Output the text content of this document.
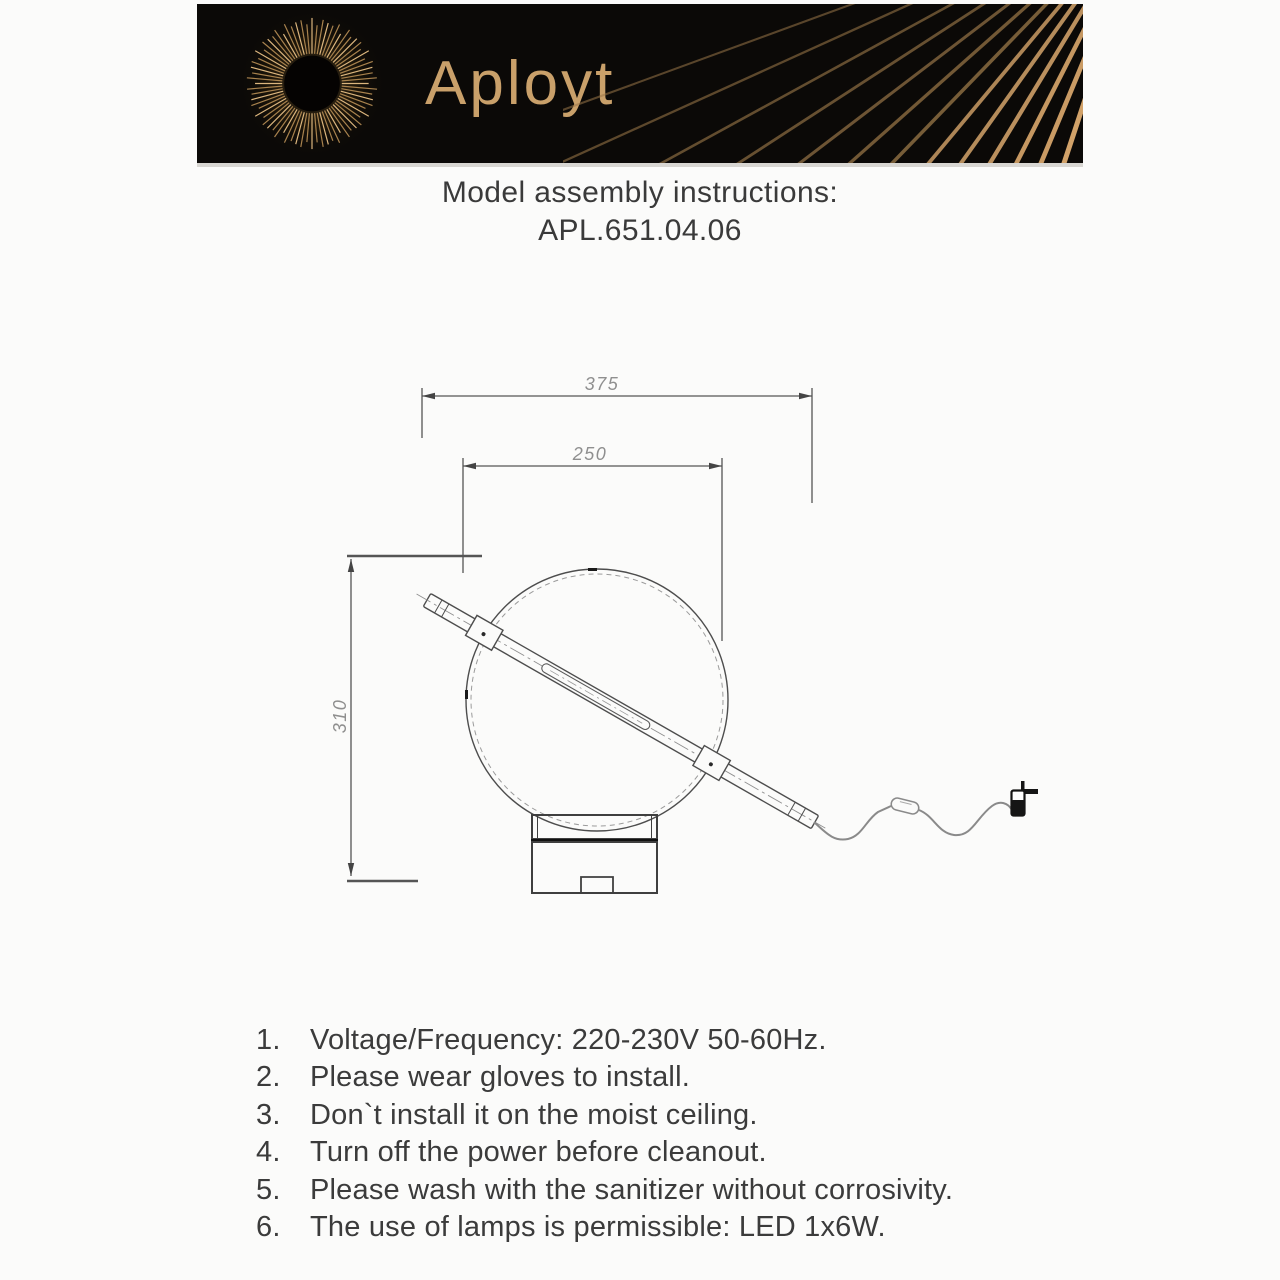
Aployt
Model assembly instructions:
APL.651.04.06
375
250
310
1.	Voltage/Frequency: 220-230V 50-60Hz.
2.	Please wear gloves to install.
3.	Don`t install it on the moist ceiling.
4.	Turn off the power before cleanout.
5.	Please wash with the sanitizer without corrosivity.
6.	The use of lamps is permissible: LED 1x6W.
